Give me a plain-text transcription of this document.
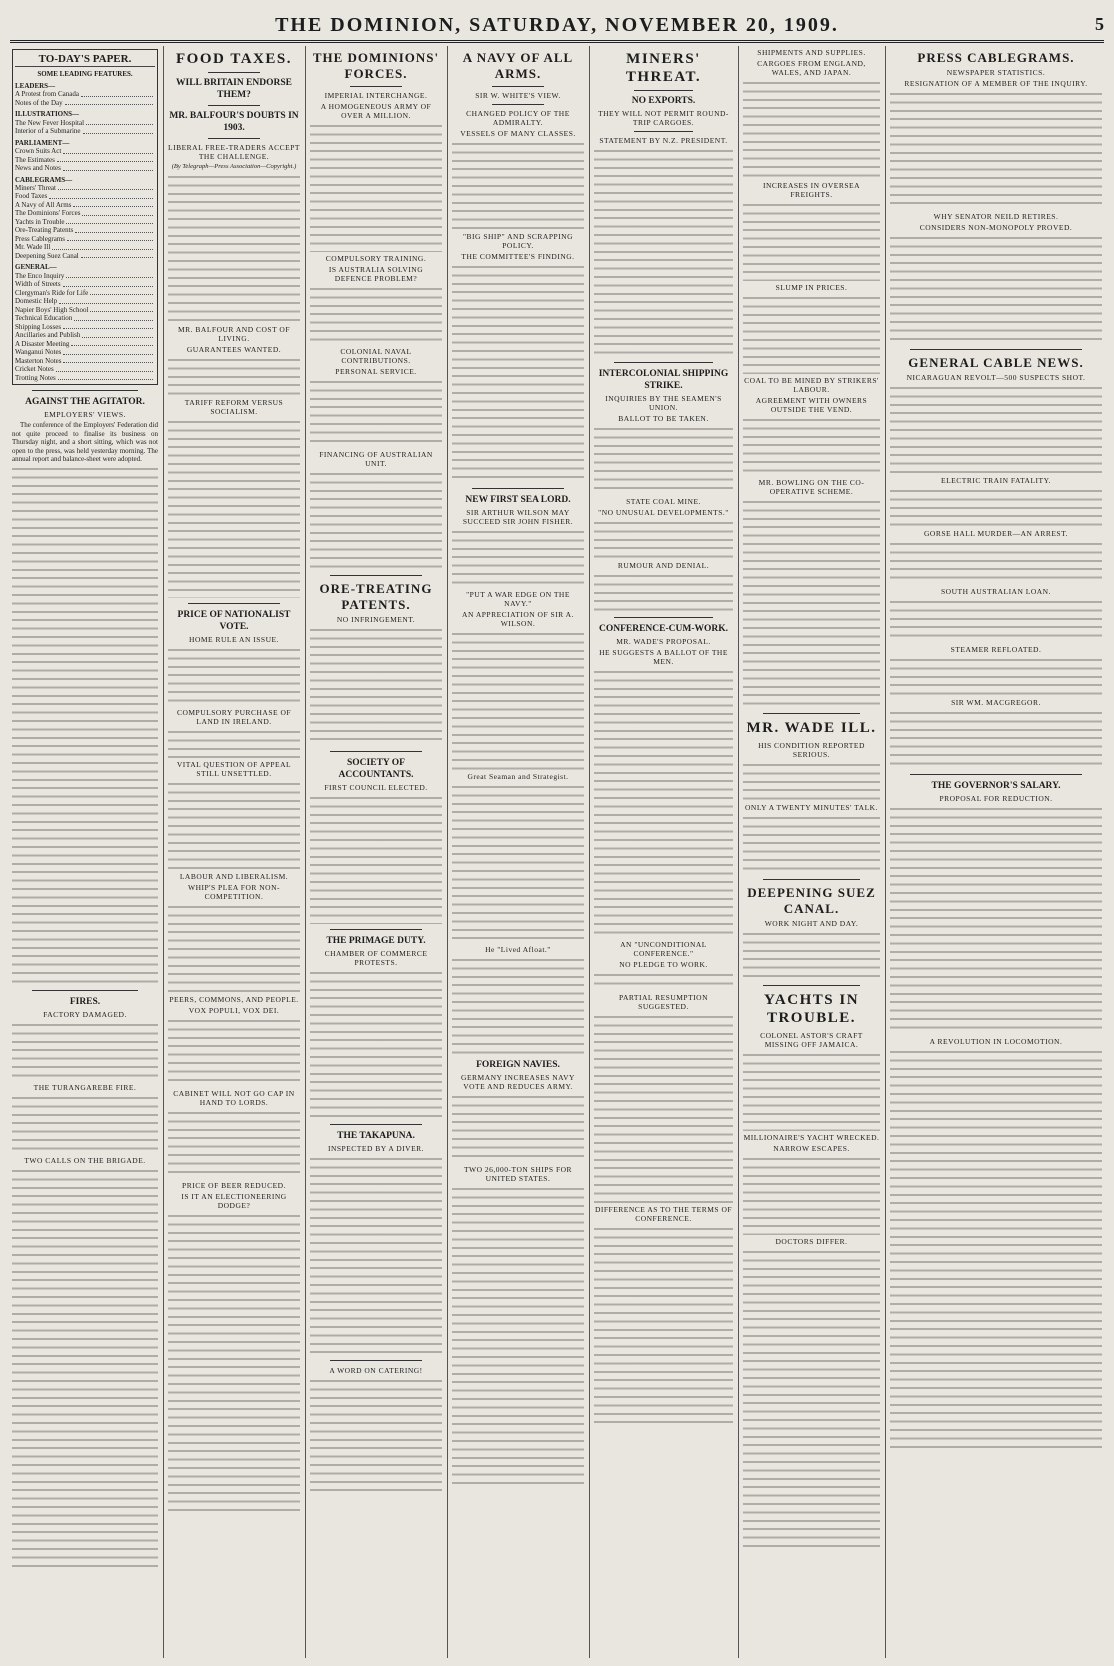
THE DOMINION, SATURDAY, NOVEMBER 20, 1909.	5
TO-DAY'S PAPER.
SOME LEADING FEATURES.
LEADERS—
A Protest from Canada
Notes of the Day
ILLUSTRATIONS—
The New Fever Hospital
Interior of a Submarine
PARLIAMENT—
Crown Suits Act
The Estimates
News and Notes
CABLEGRAMS—
Miners' Threat
Food Taxes
A Navy of All Arms
The Dominions' Forces
Yachts in Trouble
Ore-Treating Patents
Press Cablegrams
Mr. Wade Ill
Deepening Suez Canal
GENERAL—
The Enco Inquiry
Width of Streets
Clergyman's Ride for Life
Domestic Help
Napier Boys' High School
Technical Education
Shipping Losses
Ancillaries and Publish
A Disaster Meeting
Wanganui Notes
Masterton Notes
Cricket Notes
Trotting Notes
AGAINST THE AGITATOR.
EMPLOYERS' VIEWS.
The conference of the Employers' Federation did not quite proceed to finalise its business on Thursday night, and a short sitting, which was not open to the press, was held yesterday morning. The annual report and balance-sheet were adopted.
FIRES.
FACTORY DAMAGED.
THE TURANGAREBE FIRE.
TWO CALLS ON THE BRIGADE.
FOOD TAXES.
WILL BRITAIN ENDORSE THEM?
MR. BALFOUR'S DOUBTS IN 1903.
LIBERAL FREE-TRADERS ACCEPT THE CHALLENGE.
(By Telegraph—Press Association—Copyright.)
MR. BALFOUR AND COST OF LIVING.
GUARANTEES WANTED.
TARIFF REFORM VERSUS SOCIALISM.
PRICE OF NATIONALIST VOTE.
HOME RULE AN ISSUE.
COMPULSORY PURCHASE OF LAND IN IRELAND.
VITAL QUESTION OF APPEAL STILL UNSETTLED.
LABOUR AND LIBERALISM.
WHIP'S PLEA FOR NON-COMPETITION.
PEERS, COMMONS, AND PEOPLE.
VOX POPULI, VOX DEI.
CABINET WILL NOT GO CAP IN HAND TO LORDS.
PRICE OF BEER REDUCED.
IS IT AN ELECTIONEERING DODGE?
THE DOMINIONS' FORCES.
IMPERIAL INTERCHANGE.
A HOMOGENEOUS ARMY OF OVER A MILLION.
COMPULSORY TRAINING.
IS AUSTRALIA SOLVING DEFENCE PROBLEM?
COLONIAL NAVAL CONTRIBUTIONS.
PERSONAL SERVICE.
FINANCING OF AUSTRALIAN UNIT.
ORE-TREATING PATENTS.
NO INFRINGEMENT.
SOCIETY OF ACCOUNTANTS.
FIRST COUNCIL ELECTED.
THE PRIMAGE DUTY.
CHAMBER OF COMMERCE PROTESTS.
THE TAKAPUNA.
INSPECTED BY A DIVER.
A WORD ON CATERING!
A NAVY OF ALL ARMS.
SIR W. WHITE'S VIEW.
CHANGED POLICY OF THE ADMIRALTY.
VESSELS OF MANY CLASSES.
"BIG SHIP" AND SCRAPPING POLICY.
THE COMMITTEE'S FINDING.
NEW FIRST SEA LORD.
SIR ARTHUR WILSON MAY SUCCEED SIR JOHN FISHER.
"PUT A WAR EDGE ON THE NAVY."
AN APPRECIATION OF SIR A. WILSON.
Great Seaman and Strategist.
He "Lived Afloat."
FOREIGN NAVIES.
GERMANY INCREASES NAVY VOTE AND REDUCES ARMY.
TWO 26,000-TON SHIPS FOR UNITED STATES.
MINERS' THREAT.
NO EXPORTS.
THEY WILL NOT PERMIT ROUND-TRIP CARGOES.
STATEMENT BY N.Z. PRESIDENT.
INTERCOLONIAL SHIPPING STRIKE.
INQUIRIES BY THE SEAMEN'S UNION.
BALLOT TO BE TAKEN.
STATE COAL MINE.
"NO UNUSUAL DEVELOPMENTS."
RUMOUR AND DENIAL.
CONFERENCE-CUM-WORK.
MR. WADE'S PROPOSAL.
HE SUGGESTS A BALLOT OF THE MEN.
AN "UNCONDITIONAL CONFERENCE."
NO PLEDGE TO WORK.
PARTIAL RESUMPTION SUGGESTED.
DIFFERENCE AS TO THE TERMS OF CONFERENCE.
SHIPMENTS AND SUPPLIES.
CARGOES FROM ENGLAND, WALES, AND JAPAN.
INCREASES IN OVERSEA FREIGHTS.
SLUMP IN PRICES.
COAL TO BE MINED BY STRIKERS' LABOUR.
AGREEMENT WITH OWNERS OUTSIDE THE VEND.
MR. BOWLING ON THE CO-OPERATIVE SCHEME.
MR. WADE ILL.
HIS CONDITION REPORTED SERIOUS.
ONLY A TWENTY MINUTES' TALK.
DEEPENING SUEZ CANAL.
WORK NIGHT AND DAY.
YACHTS IN TROUBLE.
COLONEL ASTOR'S CRAFT MISSING OFF JAMAICA.
MILLIONAIRE'S YACHT WRECKED.
NARROW ESCAPES.
DOCTORS DIFFER.
PRESS CABLEGRAMS.
NEWSPAPER STATISTICS.
RESIGNATION OF A MEMBER OF THE INQUIRY.
WHY SENATOR NEILD RETIRES.
CONSIDERS NON-MONOPOLY PROVED.
GENERAL CABLE NEWS.
NICARAGUAN REVOLT—500 SUSPECTS SHOT.
ELECTRIC TRAIN FATALITY.
GORSE HALL MURDER—AN ARREST.
SOUTH AUSTRALIAN LOAN.
STEAMER REFLOATED.
SIR WM. MACGREGOR.
THE GOVERNOR'S SALARY.
PROPOSAL FOR REDUCTION.
A REVOLUTION IN LOCOMOTION.
